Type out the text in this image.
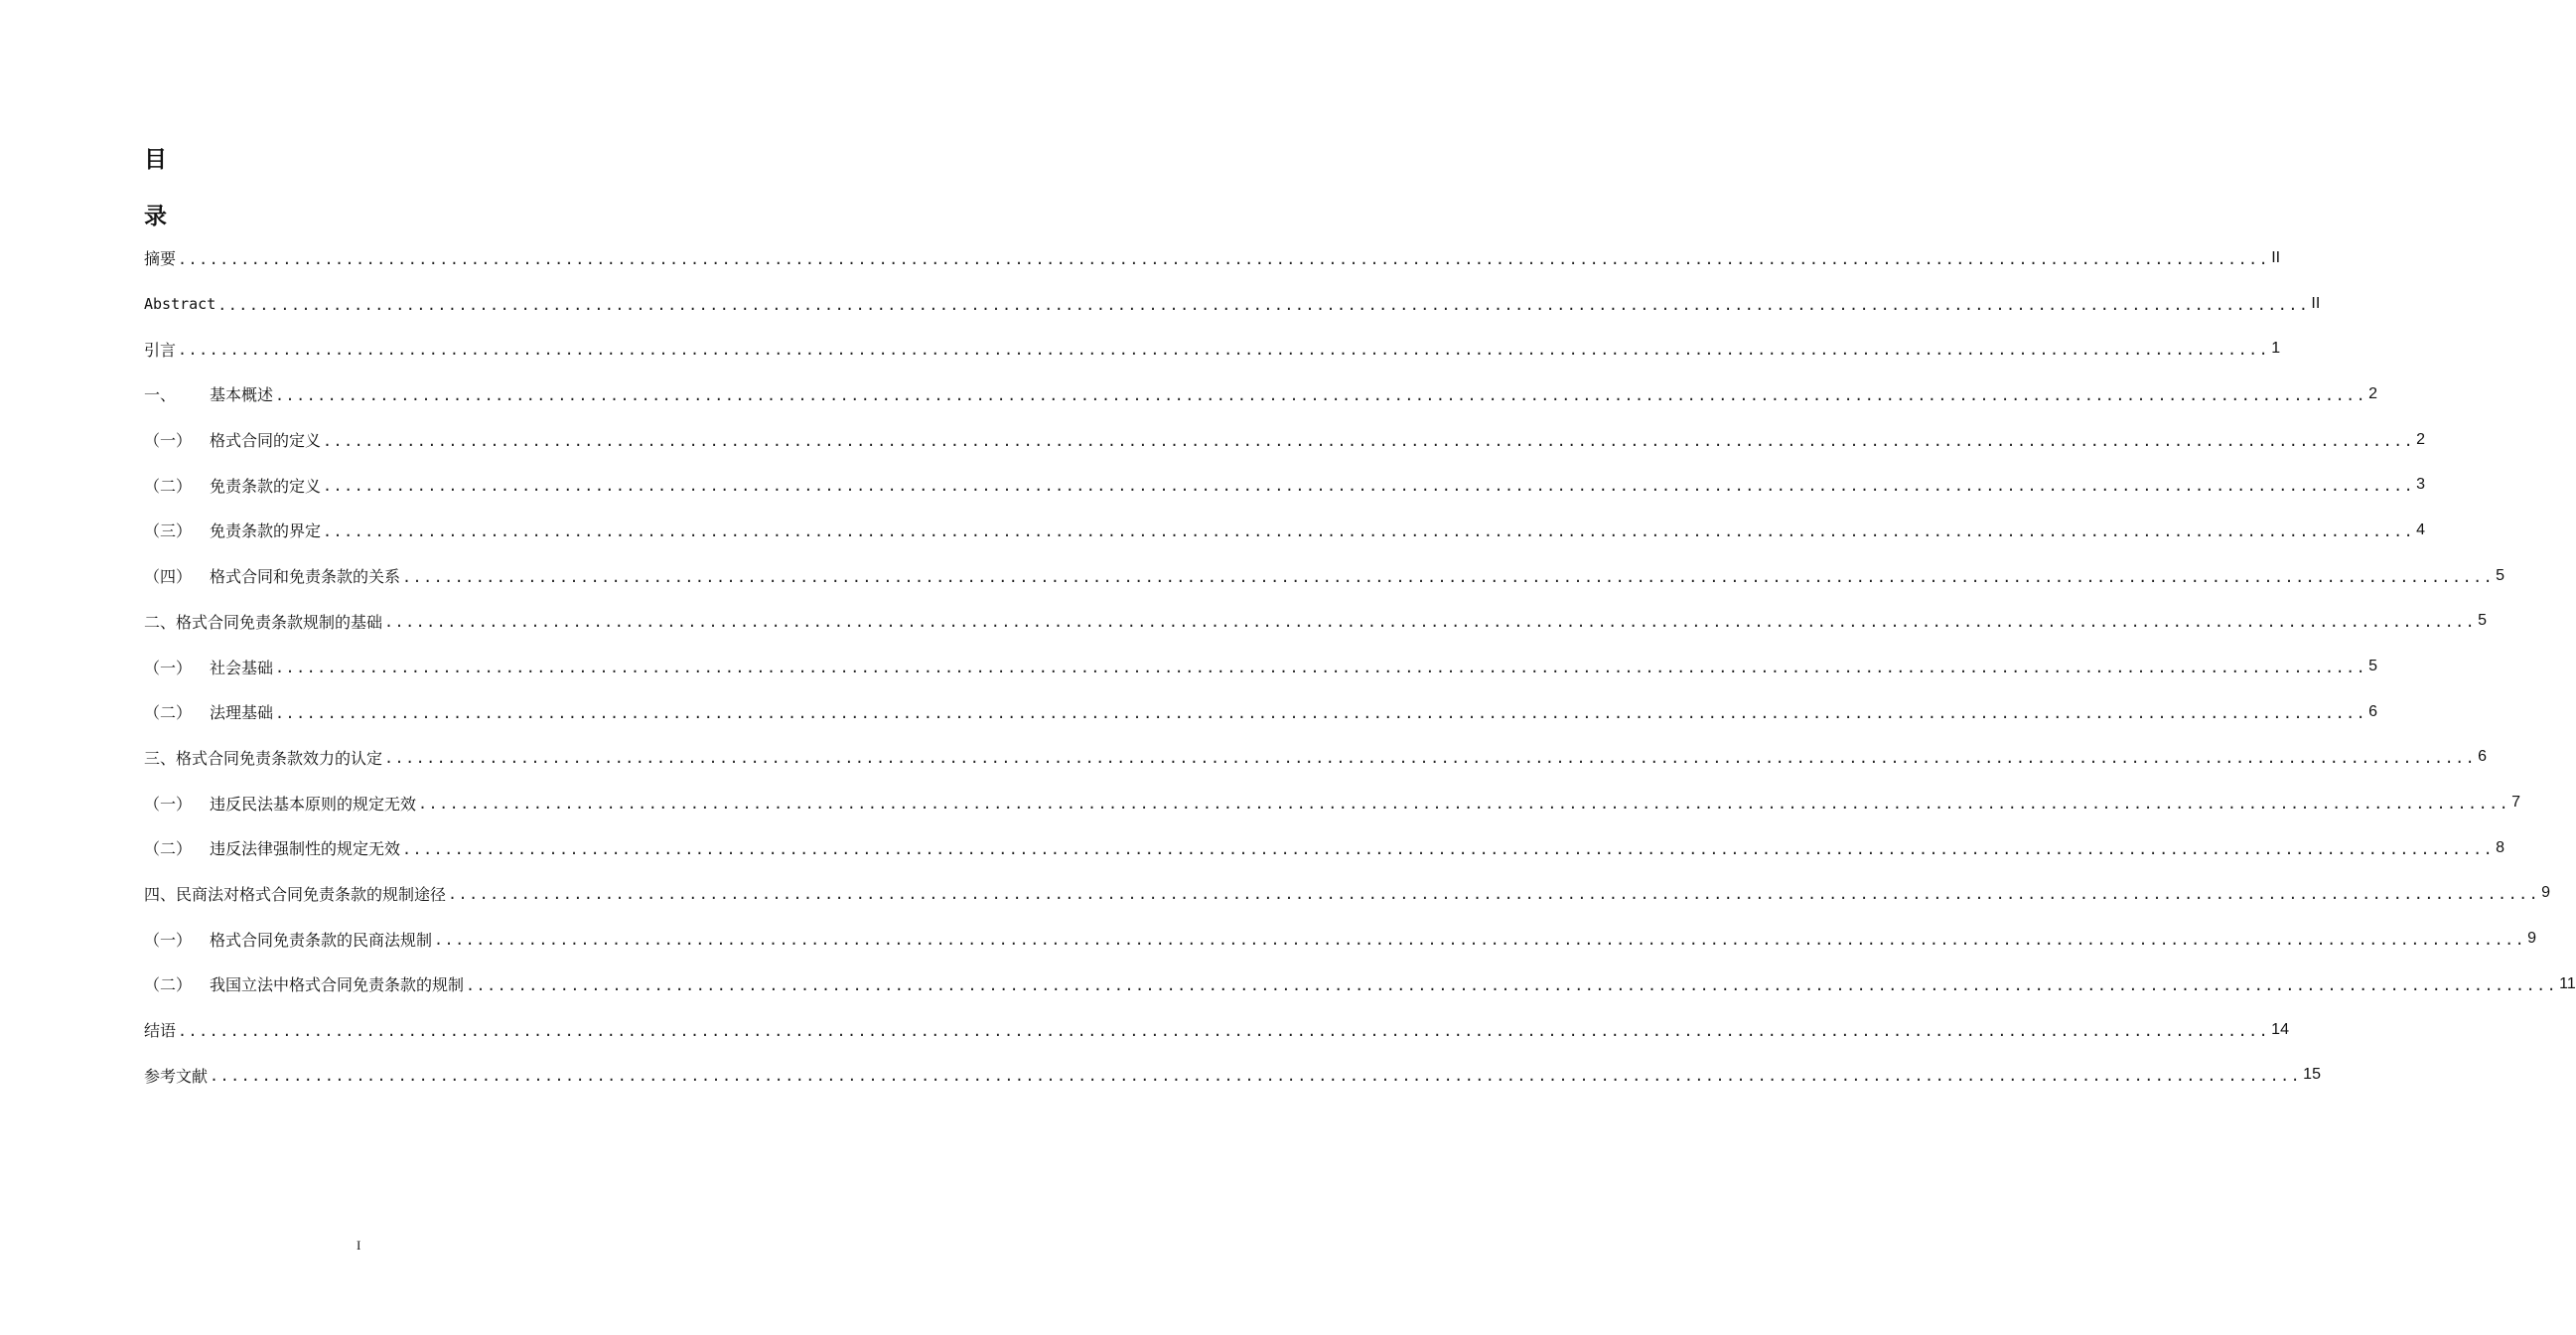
目
录
摘 要 ........................................................................................................................................................................................................ II
Abstract ........................................................................................................................................................................................................ II
引 言 ........................................................................................................................................................................................................ 1
一、	基本概述 ........................................................................................................................................................................................................ 2
（一）	格式合同的定义 ........................................................................................................................................................................................................ 2
（二）	免责条款的定义 ........................................................................................................................................................................................................ 3
（三）	免责条款的界定 ........................................................................................................................................................................................................ 4
（四）	格式合同和免责条款的关系 ........................................................................................................................................................................................................ 5
二、格式合同免责条款规制的基础 ........................................................................................................................................................................................................ 5
（一）	社会基础 ........................................................................................................................................................................................................ 5
（二）	法理基础 ........................................................................................................................................................................................................ 6
三、格式合同免责条款效力的认定 ........................................................................................................................................................................................................ 6
（一）	违反民法基本原则的规定无效 ........................................................................................................................................................................................................ 7
（二）	违反法律强制性的规定无效 ........................................................................................................................................................................................................ 8
四、民商法对格式合同免责条款的规制途径 ........................................................................................................................................................................................................ 9
（一）	格式合同免责条款的民商法规制 ........................................................................................................................................................................................................ 9
（二）	我国立法中格式合同免责条款的规制 ........................................................................................................................................................................................................ 11
结语 ........................................................................................................................................................................................................ 14
参考文献 ........................................................................................................................................................................................................ 15
I
